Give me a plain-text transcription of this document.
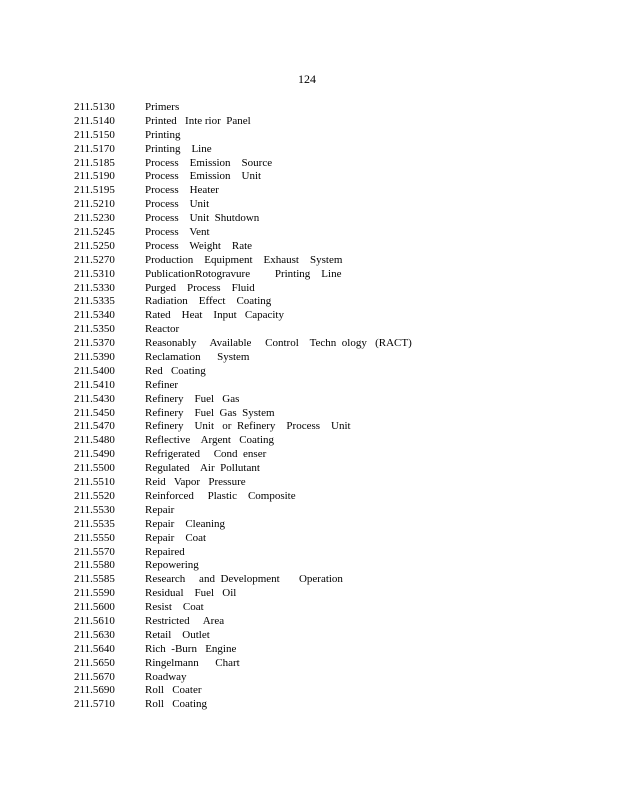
124
211.5130	Primers
211.5140	Printed   Inte rior  Panel
211.5150	Printing
211.5170	Printing    Line
211.5185	Process    Emission    Source
211.5190	Process    Emission    Unit
211.5195	Process    Heater
211.5210	Process    Unit
211.5230	Process    Unit  Shutdown
211.5245	Process    Vent
211.5250	Process    Weight    Rate
211.5270	Production    Equipment    Exhaust    System
211.5310	PublicationRotogravure         Printing    Line
211.5330	Purged    Process    Fluid
211.5335	Radiation    Effect    Coating
211.5340	Rated    Heat    Input   Capacity
211.5350	Reactor
211.5370	Reasonably     Available     Control    Techn  ology   (RACT)
211.5390	Reclamation      System
211.5400	Red   Coating
211.5410	Refiner
211.5430	Refinery    Fuel   Gas
211.5450	Refinery    Fuel  Gas  System
211.5470	Refinery    Unit   or  Refinery    Process    Unit
211.5480	Reflective    Argent   Coating
211.5490	Refrigerated     Cond  enser
211.5500	Regulated    Air  Pollutant
211.5510	Reid   Vapor   Pressure
211.5520	Reinforced     Plastic    Composite
211.5530	Repair
211.5535	Repair    Cleaning
211.5550	Repair    Coat
211.5570	Repaired
211.5580	Repowering
211.5585	Research     and  Development       Operation
211.5590	Residual    Fuel   Oil
211.5600	Resist    Coat
211.5610	Restricted     Area
211.5630	Retail    Outlet
211.5640	Rich  -Burn   Engine
211.5650	Ringelmann      Chart
211.5670	Roadway
211.5690	Roll   Coater
211.5710	Roll   Coating
